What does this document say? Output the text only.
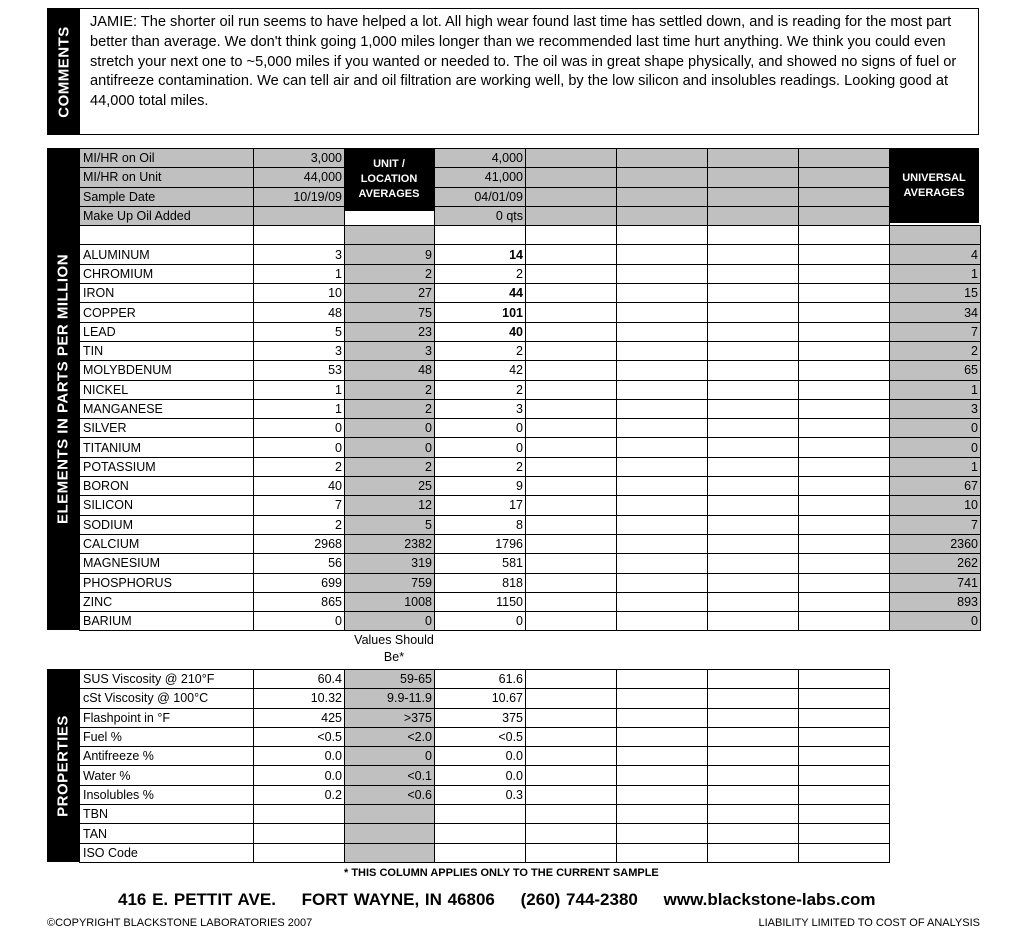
COMMENTS
JAMIE: The shorter oil run seems to have helped a lot. All high wear found last time has settled down, and is reading for the most part better than average. We don't think going 1,000 miles longer than we recommended last time hurt anything. We think you could even stretch your next one to ~5,000 miles if you wanted or needed to. The oil was in great shape physically, and showed no signs of fuel or antifreeze contamination. We can tell air and oil filtration are working well, by the low silicon and insolubles readings. Looking good at 44,000 total miles.
ELEMENTS IN PARTS PER MILLION
MI/HR on Oil	3,000		4,000					
MI/HR on Unit	44,000		41,000					
Sample Date	10/19/09		04/01/09					
Make Up Oil Added			0 qts					

ALUMINUM	3	9	14					4
CHROMIUM	1	2	2					1
IRON	10	27	44					15
COPPER	48	75	101					34
LEAD	5	23	40					7
TIN	3	3	2					2
MOLYBDENUM	53	48	42					65
NICKEL	1	2	2					1
MANGANESE	1	2	3					3
SILVER	0	0	0					0
TITANIUM	0	0	0					0
POTASSIUM	2	2	2					1
BORON	40	25	9					67
SILICON	7	12	17					10
SODIUM	2	5	8					7
CALCIUM	2968	2382	1796					2360
MAGNESIUM	56	319	581					262
PHOSPHORUS	699	759	818					741
ZINC	865	1008	1150					893
BARIUM	0	0	0					0
UNIT / LOCATION AVERAGES
UNIVERSAL AVERAGES
Values Should Be*
PROPERTIES
SUS Viscosity @ 210°F	60.4	59-65	61.6				
cSt Viscosity @ 100°C	10.32	9.9-11.9	10.67				
Flashpoint in °F	425	>375	375				
Fuel %	<0.5	<2.0	<0.5				
Antifreeze %	0.0	0	0.0				
Water %	0.0	<0.1	0.0				
Insolubles %	0.2	<0.6	0.3				
TBN							
TAN							
ISO Code							
* THIS COLUMN APPLIES ONLY TO THE CURRENT SAMPLE
416 E. PETTIT AVE. FORT WAYNE, IN 46806 (260) 744-2380 www.blackstone-labs.com
©COPYRIGHT BLACKSTONE LABORATORIES 2007	LIABILITY LIMITED TO COST OF ANALYSIS
